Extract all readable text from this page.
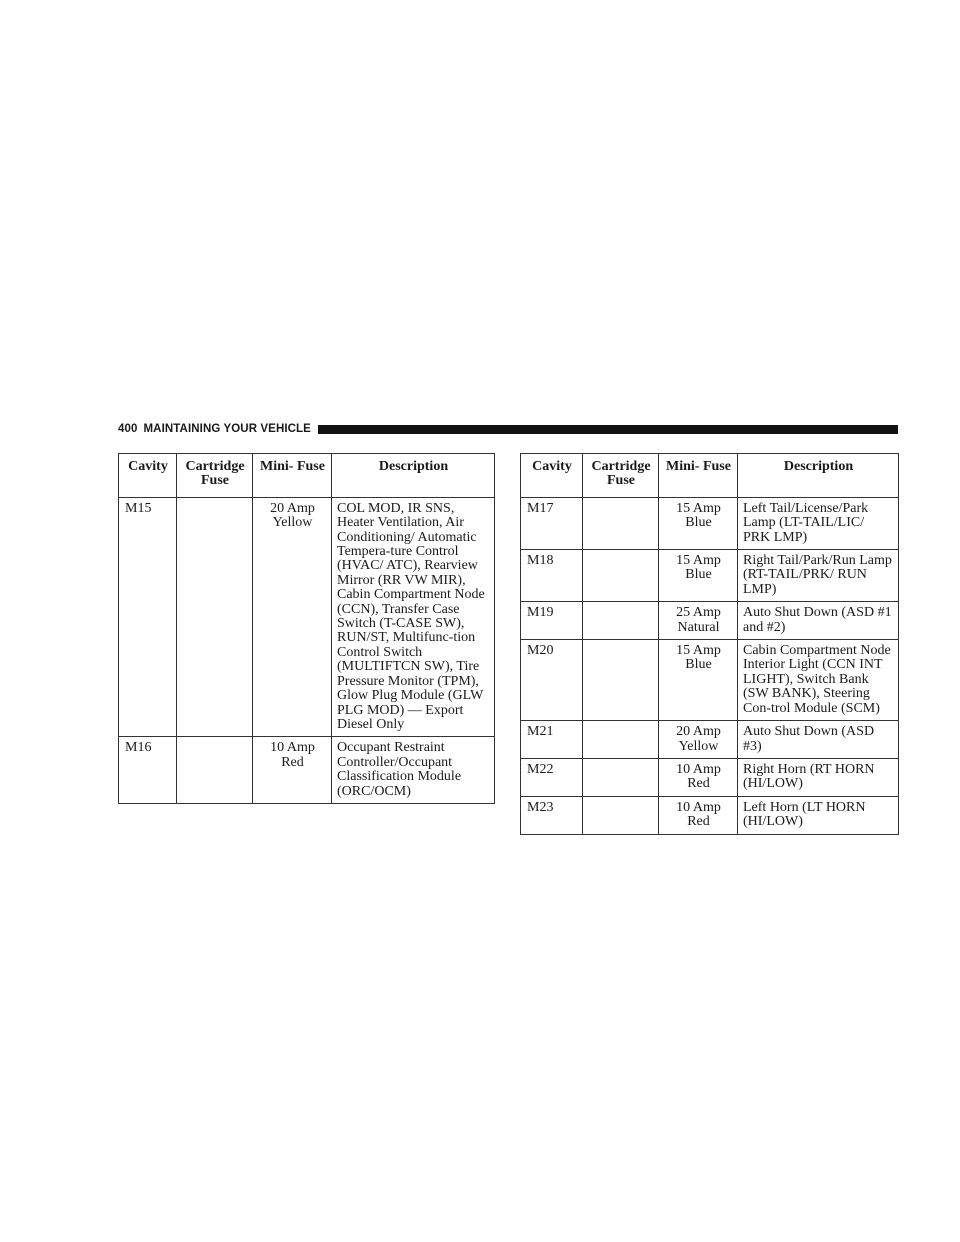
400 MAINTAINING YOUR VEHICLE
Cavity	Cartridge Fuse	Mini- Fuse	Description
M15		20 Amp Yellow	COL MOD, IR SNS, Heater Ventilation, Air Conditioning/ Automatic Tempera-ture Control (HVAC/ ATC), Rearview Mirror (RR VW MIR), Cabin Compartment Node (CCN), Transfer Case Switch (T-CASE SW), RUN/ST, Multifunc-tion Control Switch (MULTIFTCN SW), Tire Pressure Monitor (TPM), Glow Plug Module (GLW PLG MOD) — Export Diesel Only
M16		10 Amp Red	Occupant Restraint Controller/Occupant Classification Module (ORC/OCM)
Cavity	Cartridge Fuse	Mini- Fuse	Description
M17		15 Amp Blue	Left Tail/License/Park Lamp (LT-TAIL/LIC/ PRK LMP)
M18		15 Amp Blue	Right Tail/Park/Run Lamp (RT-TAIL/PRK/ RUN LMP)
M19		25 Amp Natural	Auto Shut Down (ASD #1 and #2)
M20		15 Amp Blue	Cabin Compartment Node Interior Light (CCN INT LIGHT), Switch Bank (SW BANK), Steering Con-trol Module (SCM)
M21		20 Amp Yellow	Auto Shut Down (ASD #3)
M22		10 Amp Red	Right Horn (RT HORN (HI/LOW)
M23		10 Amp Red	Left Horn (LT HORN (HI/LOW)
